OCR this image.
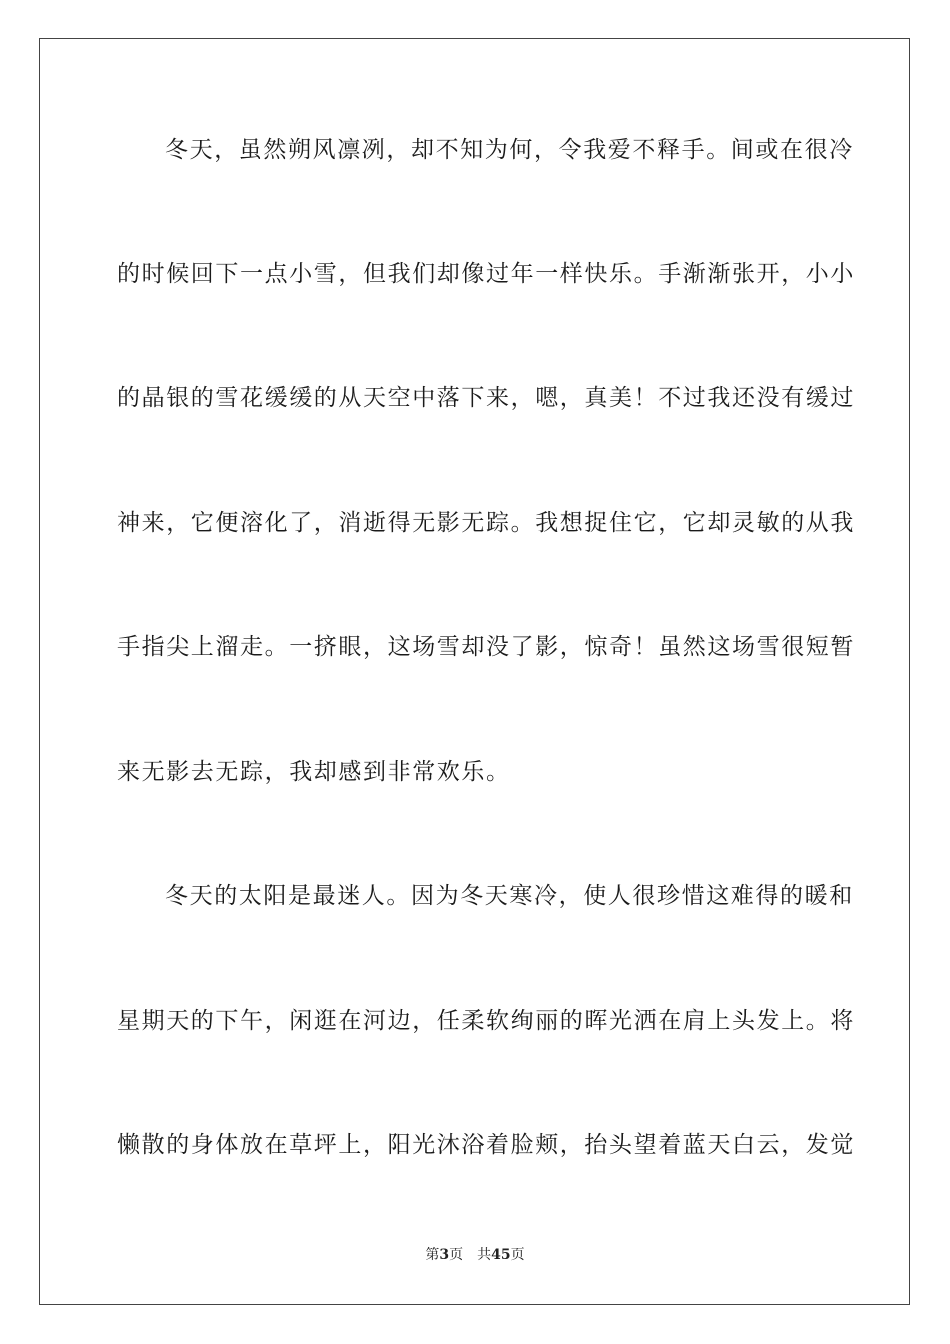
冬天，虽然朔风凛冽，却不知为何，令我爱不释手。间或在很冷
的时候回下一点小雪，但我们却像过年一样快乐。手渐渐张开，小小
的晶银的雪花缓缓的从天空中落下来，嗯，真美！不过我还没有缓过
神来，它便溶化了，消逝得无影无踪。我想捉住它，它却灵敏的从我
手指尖上溜走。一挤眼，这场雪却没了影，惊奇！虽然这场雪很短暂
来无影去无踪，我却感到非常欢乐。
冬天的太阳是最迷人。因为冬天寒冷，使人很珍惜这难得的暖和
星期天的下午，闲逛在河边，任柔软绚丽的晖光洒在肩上头发上。将
懒散的身体放在草坪上，阳光沐浴着脸颊，抬头望着蓝天白云，发觉
第3页 共45页
